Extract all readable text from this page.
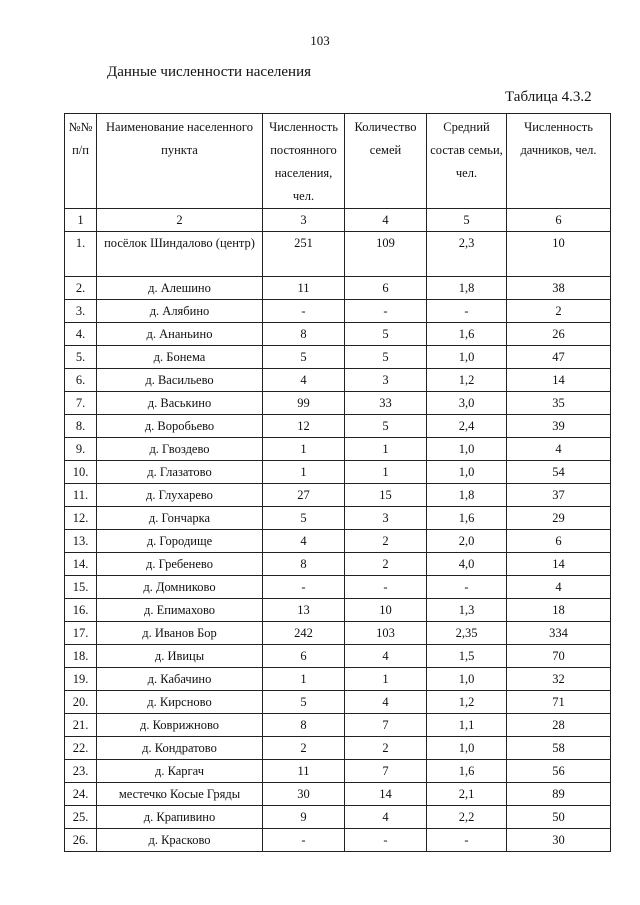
103
Данные численности населения
Таблица 4.3.2
№№ п/п	Наименование населенного пункта	Численность постоянного населения, чел.	Количество семей	Средний состав семьи, чел.	Численность дачников, чел.
1	2	3	4	5	6
1.	посёлок Шиндалово (центр)	251	109	2,3	10
2.	д. Алешино	11	6	1,8	38
3.	д. Алябино	-	-	-	2
4.	д. Ананьино	8	5	1,6	26
5.	д. Бонема	5	5	1,0	47
6.	д. Васильево	4	3	1,2	14
7.	д. Васькино	99	33	3,0	35
8.	д. Воробьево	12	5	2,4	39
9.	д. Гвоздево	1	1	1,0	4
10.	д. Глазатово	1	1	1,0	54
11.	д. Глухарево	27	15	1,8	37
12.	д. Гончарка	5	3	1,6	29
13.	д. Городище	4	2	2,0	6
14.	д. Гребенево	8	2	4,0	14
15.	д. Домниково	-	-	-	4
16.	д. Епимахово	13	10	1,3	18
17.	д. Иванов Бор	242	103	2,35	334
18.	д. Ивицы	6	4	1,5	70
19.	д. Кабачино	1	1	1,0	32
20.	д. Кирсново	5	4	1,2	71
21.	д. Коврижново	8	7	1,1	28
22.	д. Кондратово	2	2	1,0	58
23.	д. Каргач	11	7	1,6	56
24.	местечко Косые Гряды	30	14	2,1	89
25.	д. Крапивино	9	4	2,2	50
26.	д. Красково	-	-	-	30
